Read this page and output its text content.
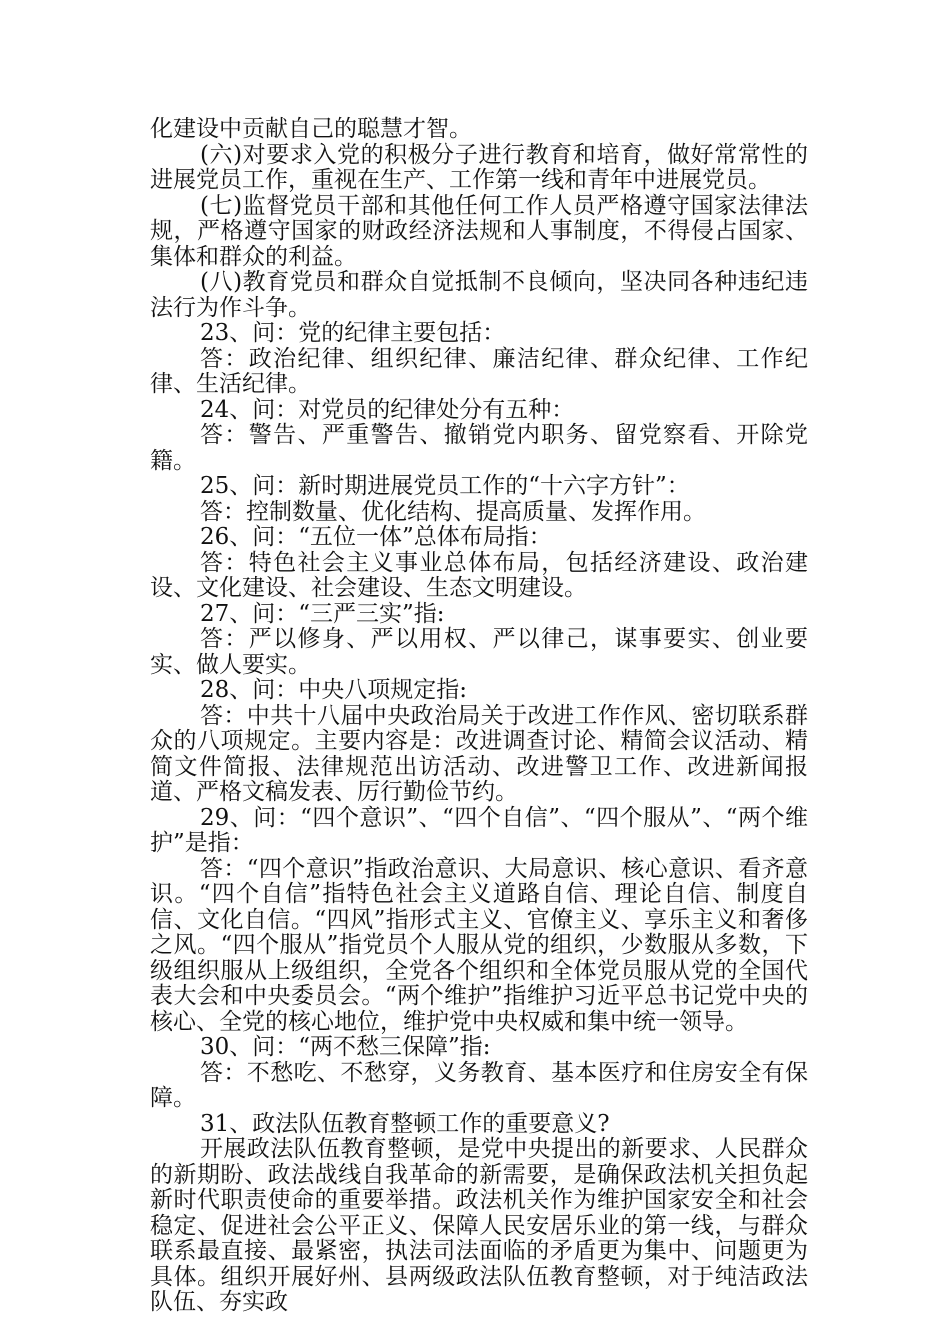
化建设中贡献自己的聪慧才智。

(六)对要求入党的积极分子进行教育和培育，做好常常性的进展党员工作，重视在生产、工作第一线和青年中进展党员。

(七)监督党员干部和其他任何工作人员严格遵守国家法律法规，严格遵守国家的财政经济法规和人事制度，不得侵占国家、集体和群众的利益。

(八)教育党员和群众自觉抵制不良倾向，坚决同各种违纪违法行为作斗争。

23、问：党的纪律主要包括：

答：政治纪律、组织纪律、廉洁纪律、群众纪律、工作纪律、生活纪律。

24、问：对党员的纪律处分有五种：

答：警告、严重警告、撤销党内职务、留党察看、开除党籍。

25、问：新时期进展党员工作的“十六字方针”：

答：控制数量、优化结构、提高质量、发挥作用。

26、问：“五位一体”总体布局指：

答：特色社会主义事业总体布局，包括经济建设、政治建设、文化建设、社会建设、生态文明建设。

27、问：“三严三实”指:

答：严以修身、严以用权、严以律己，谋事要实、创业要实、做人要实。

28、问：中央八项规定指:

答：中共十八届中央政治局关于改进工作作风、密切联系群众的八项规定。主要内容是：改进调查讨论、精简会议活动、精简文件简报、法律规范出访活动、改进警卫工作、改进新闻报道、严格文稿发表、厉行勤俭节约。

29、问：“四个意识”、“四个自信”、“四个服从”、“两个维护”是指：

答：“四个意识”指政治意识、大局意识、核心意识、看齐意识。“四个自信”指特色社会主义道路自信、理论自信、制度自信、文化自信。“四风”指形式主义、官僚主义、享乐主义和奢侈之风。“四个服从”指党员个人服从党的组织，少数服从多数，下级组织服从上级组织，全党各个组织和全体党员服从党的全国代表大会和中央委员会。“两个维护”指维护习近平总书记党中央的核心、全党的核心地位，维护党中央权威和集中统一领导。

30、问：“两不愁三保障”指:

答：不愁吃、不愁穿，义务教育、基本医疗和住房安全有保障。

31、政法队伍教育整顿工作的重要意义?

开展政法队伍教育整顿，是党中央提出的新要求、人民群众的新期盼、政法战线自我革命的新需要，是确保政法机关担负起新时代职责使命的重要举措。政法机关作为维护国家安全和社会稳定、促进社会公平正义、保障人民安居乐业的第一线，与群众联系最直接、最紧密，执法司法面临的矛盾更为集中、问题更为具体。组织开展好州、县两级政法队伍教育整顿，对于纯洁政法队伍、夯实政
